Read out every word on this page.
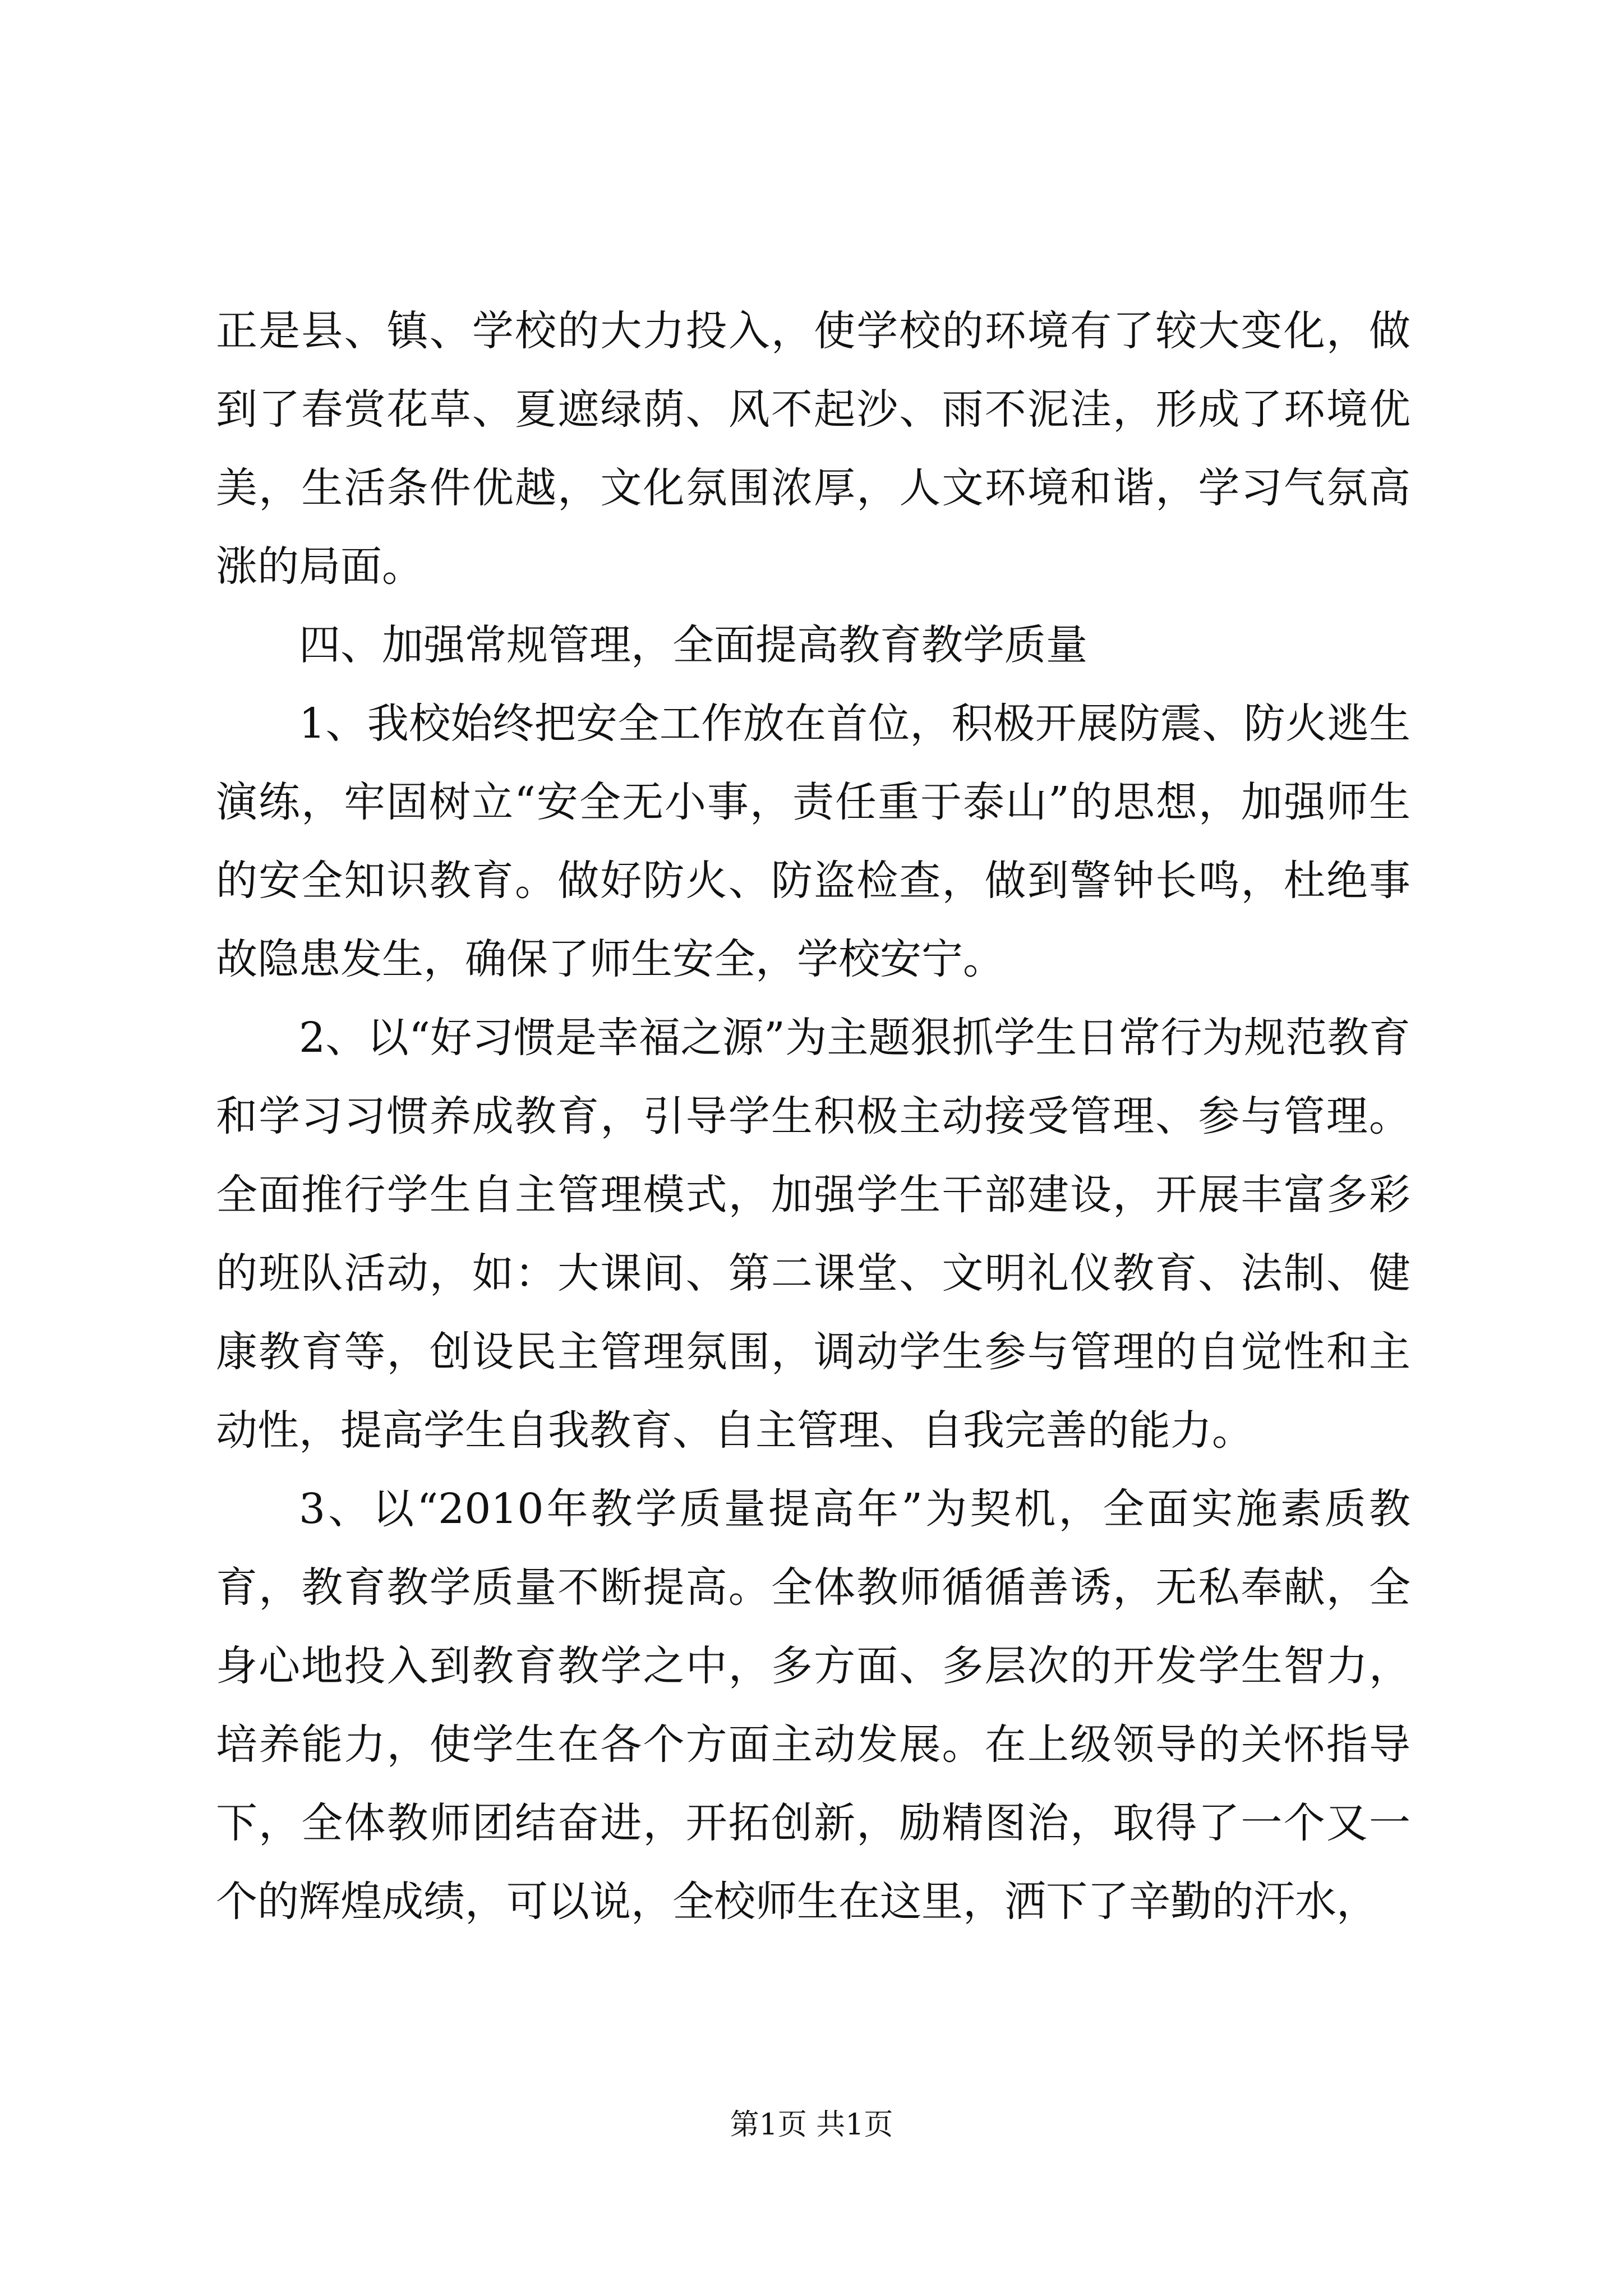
正是县、镇、学校的大力投入，使学校的环境有了较大变化，做到了春赏花草、夏遮绿荫、风不起沙、雨不泥洼，形成了环境优美，生活条件优越，文化氛围浓厚，人文环境和谐，学习气氛高涨的局面。

四、加强常规管理，全面提高教育教学质量

1、我校始终把安全工作放在首位，积极开展防震、防火逃生演练，牢固树立“安全无小事，责任重于泰山”的思想，加强师生的安全知识教育。做好防火、防盗检查，做到警钟长鸣，杜绝事故隐患发生，确保了师生安全，学校安宁。

2、以“好习惯是幸福之源”为主题狠抓学生日常行为规范教育和学习习惯养成教育，引导学生积极主动接受管理、参与管理。全面推行学生自主管理模式，加强学生干部建设，开展丰富多彩的班队活动，如：大课间、第二课堂、文明礼仪教育、法制、健康教育等，创设民主管理氛围，调动学生参与管理的自觉性和主动性，提高学生自我教育、自主管理、自我完善的能力。

3、以“2010年教学质量提高年”为契机，全面实施素质教育，教育教学质量不断提高。全体教师循循善诱，无私奉献，全身心地投入到教育教学之中，多方面、多层次的开发学生智力，培养能力，使学生在各个方面主动发展。在上级领导的关怀指导下，全体教师团结奋进，开拓创新，励精图治，取得了一个又一个的辉煌成绩，可以说，全校师生在这里，洒下了辛勤的汗水，

第1页 共1页
